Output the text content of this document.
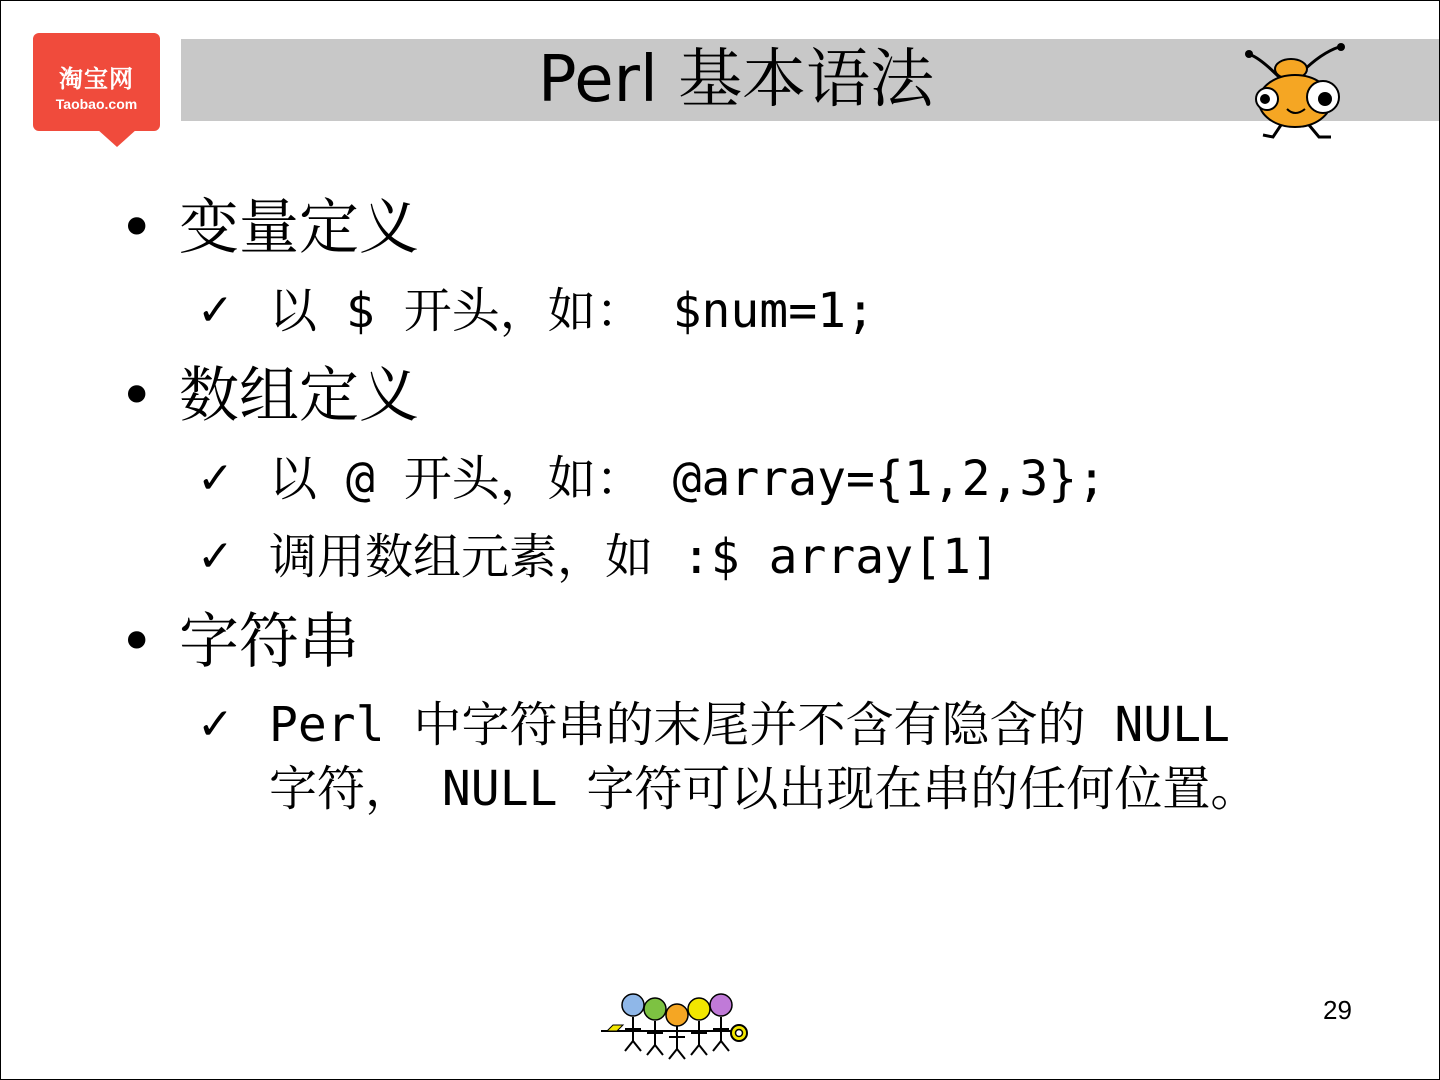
Perl 基本语法
淘宝网
Taobao.com
• 变量定义
✓ 以 $ 开头，如： $num=1;
• 数组定义
✓ 以 @ 开头，如： @array={1,2,3};
✓ 调用数组元素，如 :$ array[1]
• 字符串
✓ Perl 中字符串的末尾并不含有隐含的 NULL 字符， NULL 字符可以出现在串的任何位置。
29
